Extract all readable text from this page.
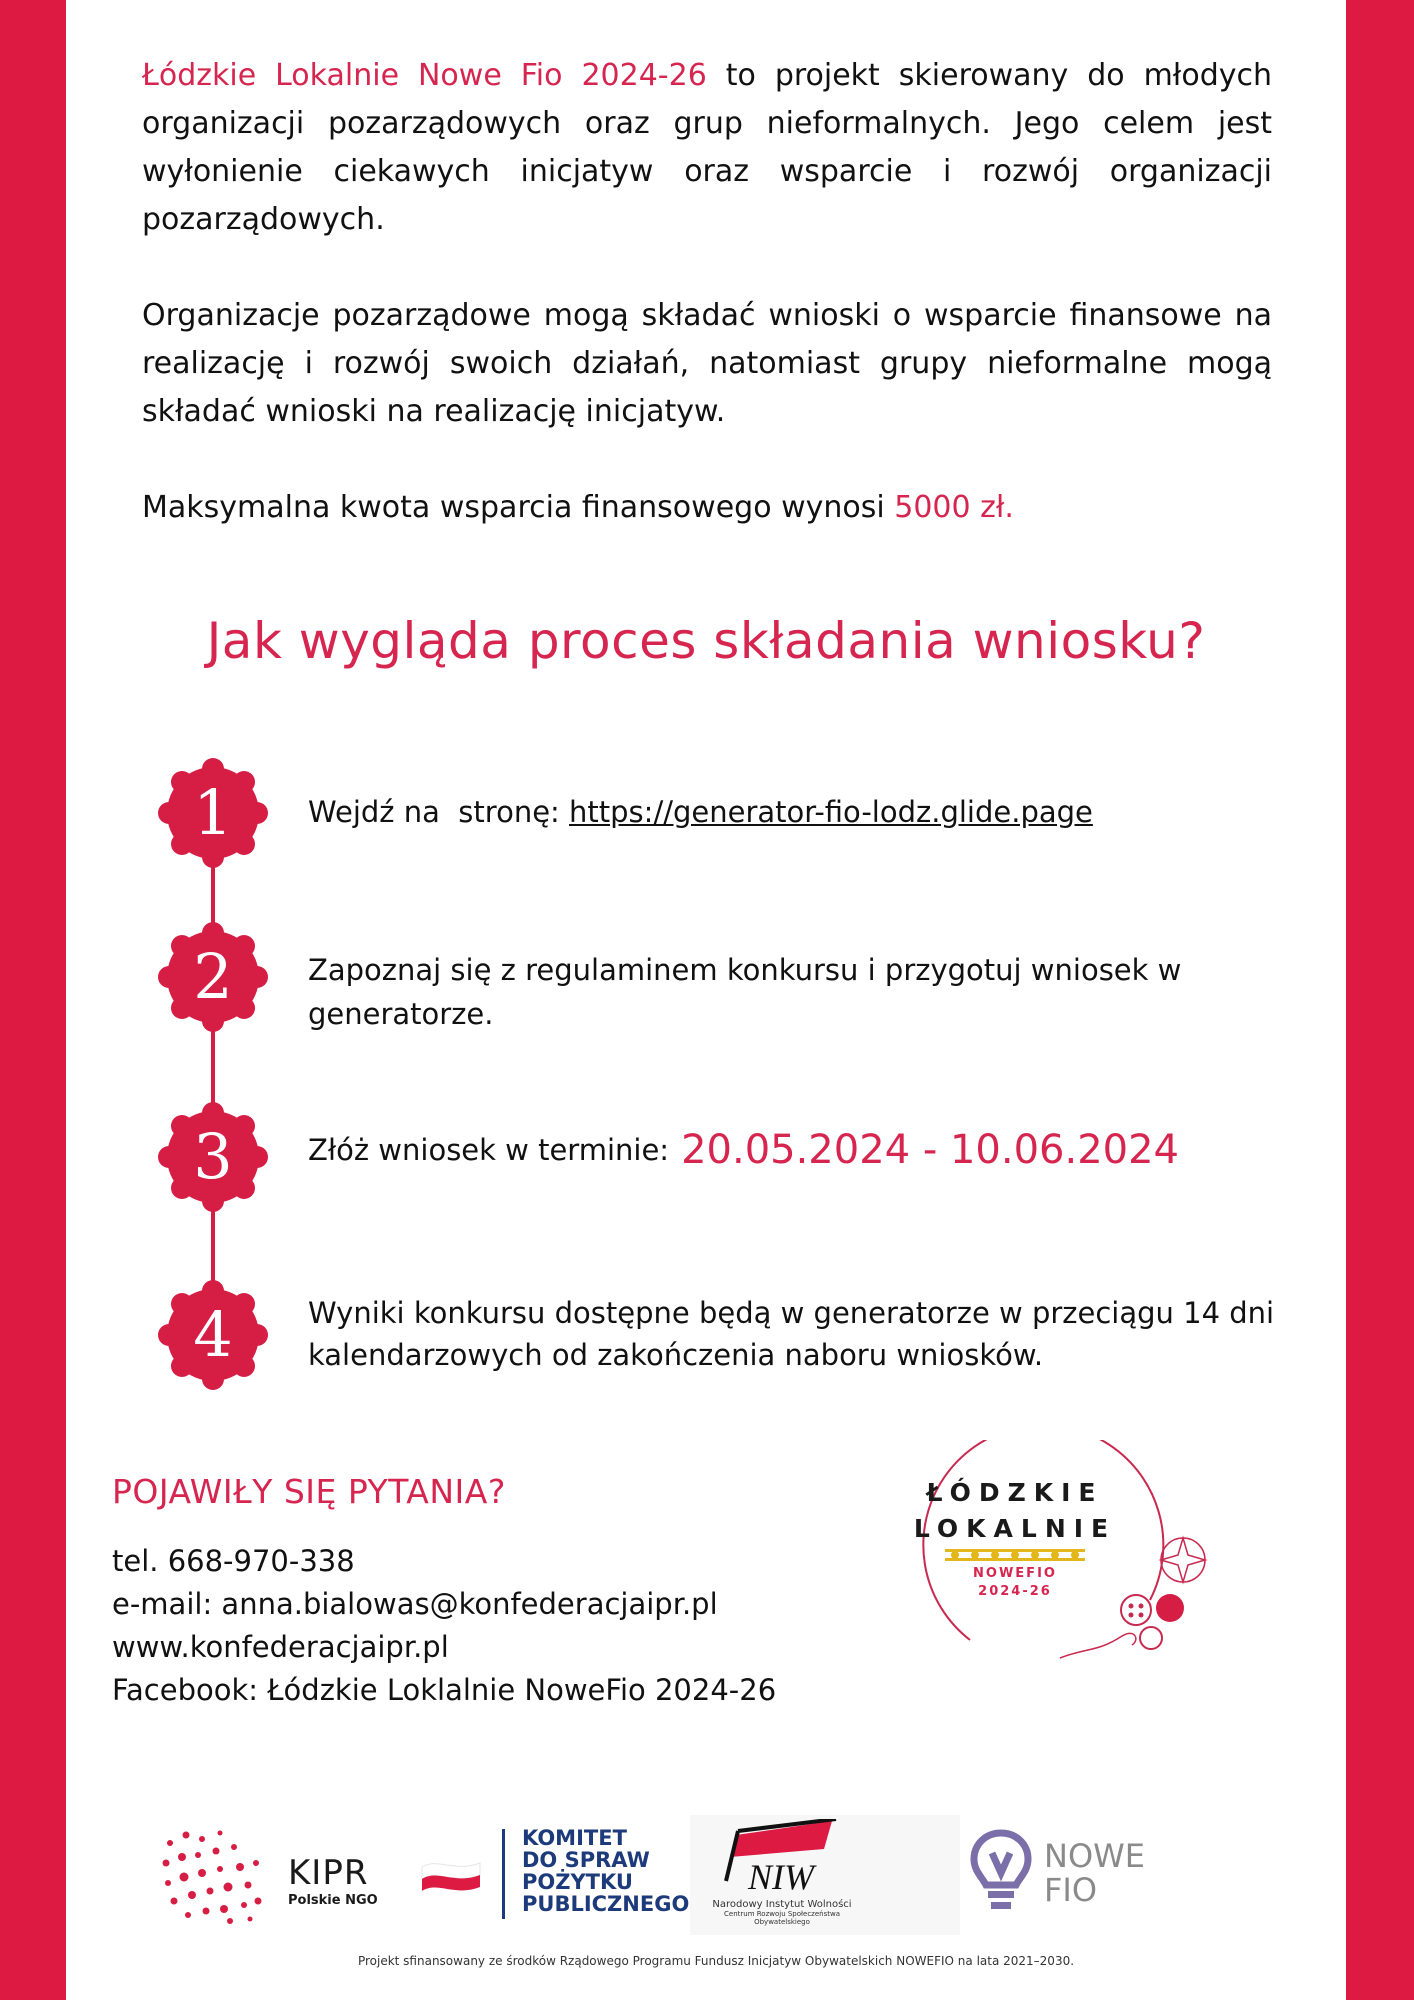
Łódzkie Lokalnie Nowe Fio 2024-26 to projekt skierowany do młodych organizacji pozarządowych oraz grup nieformalnych. Jego celem jest wyłonienie ciekawych inicjatyw oraz wsparcie i rozwój organizacji pozarządowych.
Organizacje pozarządowe mogą składać wnioski o wsparcie finansowe na realizację i rozwój swoich działań, natomiast grupy nieformalne mogą składać wnioski na realizację inicjatyw.
Maksymalna kwota wsparcia finansowego wynosi 5000 zł.
Jak wygląda proces składania wniosku?
1
2
3
4
Wejdź na  stronę: https://generator-fio-lodz.glide.page
Zapoznaj się z regulaminem konkursu i przygotuj wniosek w generatorze.
Złóż wniosek w terminie: 20.05.2024 - 10.06.2024
Wyniki konkursu dostępne będą w generatorze w przeciągu 14 dni kalendarzowych od zakończenia naboru wniosków.
POJAWIŁY SIĘ PYTANIA?
tel. 668-970-338
e-mail: anna.bialowas@konfederacjaipr.pl
www.konfederacjaipr.pl
Facebook: Łódzkie Loklalnie NoweFio 2024-26
ŁÓDZKIE
LOKALNIE
NOWEFIO
2024-26
KIPR
Polskie NGO
KOMITET
DO SPRAW
POŻYTKU
PUBLICZNEGO
NIW
Narodowy Instytut Wolności
Centrum Rozwoju Społeczeństwa Obywatelskiego
NOWE
FIO
Projekt sfinansowany ze środków Rządowego Programu Fundusz Inicjatyw Obywatelskich NOWEFIO na lata 2021–2030.
